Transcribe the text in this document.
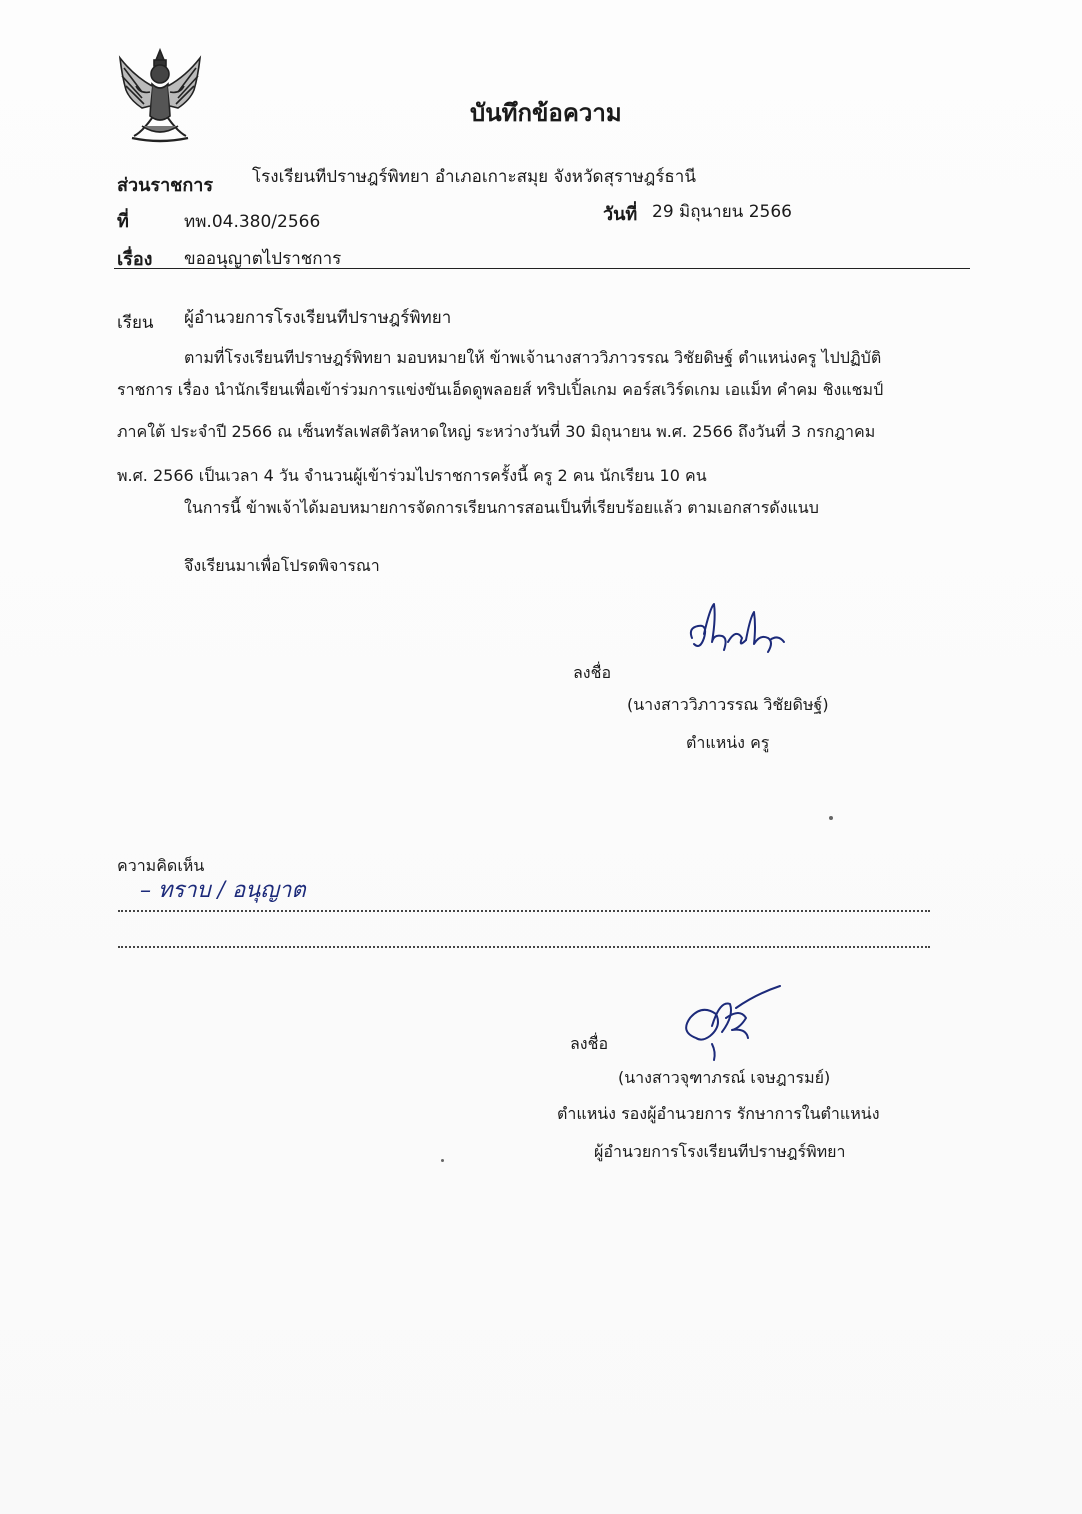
บันทึกข้อความ
ส่วนราชการ โรงเรียนทีปราษฎร์พิทยา อำเภอเกาะสมุย จังหวัดสุราษฎร์ธานี
ที่	ทพ.04.380/2566	วันที่ 29 มิถุนายน 2566
เรื่อง ขออนุญาตไปราชการ
เรียน ผู้อำนวยการโรงเรียนทีปราษฎร์พิทยา
ตามที่โรงเรียนทีปราษฎร์พิทยา มอบหมายให้ ข้าพเจ้านางสาววิภาวรรณ วิชัยดิษฐ์ ตำแหน่งครู ไปปฏิบัติ
ราชการ เรื่อง นำนักเรียนเพื่อเข้าร่วมการแข่งขันเอ็ดดูพลอยส์ ทริปเปิ้ลเกม คอร์สเวิร์ดเกม เอแม็ท คำคม ชิงแชมป์
ภาคใต้ ประจำปี 2566 ณ เซ็นทรัลเฟสติวัลหาดใหญ่ ระหว่างวันที่ 30 มิถุนายน พ.ศ. 2566 ถึงวันที่ 3 กรกฎาคม
พ.ศ. 2566 เป็นเวลา 4 วัน จำนวนผู้เข้าร่วมไปราชการครั้งนี้ ครู 2 คน นักเรียน 10 คน
ในการนี้ ข้าพเจ้าได้มอบหมายการจัดการเรียนการสอนเป็นที่เรียบร้อยแล้ว ตามเอกสารดังแนบ
จึงเรียนมาเพื่อโปรดพิจารณา
ลงชื่อ
(นางสาววิภาวรรณ วิชัยดิษฐ์)
ตำแหน่ง ครู
ความคิดเห็น
– ทราบ / อนุญาต
ลงชื่อ
(นางสาวจุฑาภรณ์ เจษฎารมย์)
ตำแหน่ง รองผู้อำนวยการ รักษาการในตำแหน่ง
ผู้อำนวยการโรงเรียนทีปราษฎร์พิทยา
